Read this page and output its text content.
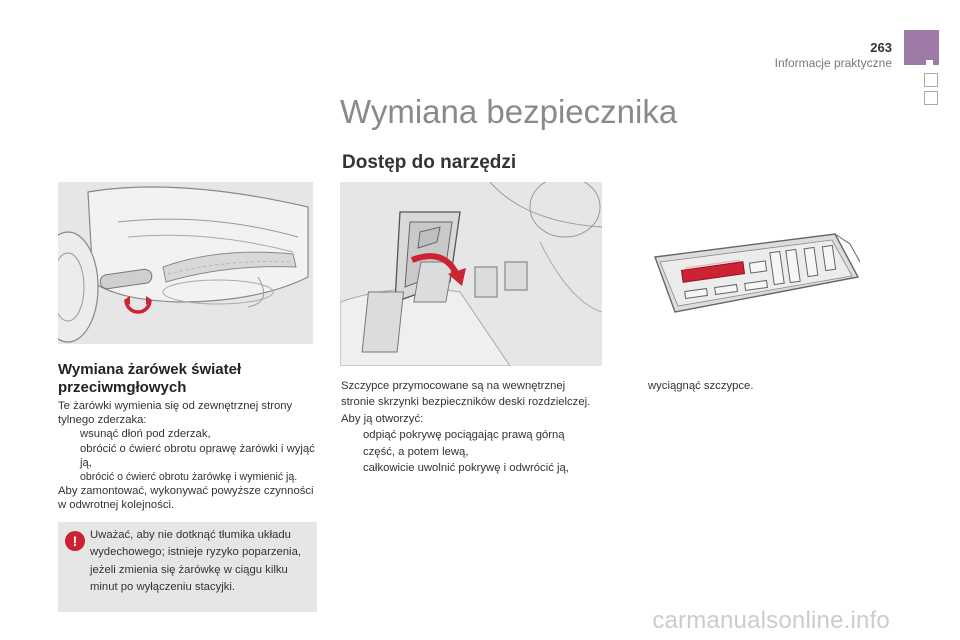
263
Informacje praktyczne
Wymiana bezpiecznika
Dostęp do narzędzi
Wymiana żarówek świateł przeciwmgłowych
Te żarówki wymienia się od zewnętrznej strony tylnego zderzaka:
wsunąć dłoń pod zderzak,
obrócić o ćwierć obrotu oprawę żarówki i wyjąć ją,
obrócić o ćwierć obrotu żarówkę i wymienić ją.
Aby zamontować, wykonywać powyższe czynności w odwrotnej kolejności.
!	Uważać, aby nie dotknąć tłumika układu wydechowego; istnieje ryzyko poparzenia, jeżeli zmienia się żarówkę w ciągu kilku minut po wyłączeniu stacyjki.
Szczypce przymocowane są na wewnętrznej stronie skrzynki bezpieczników deski rozdzielczej.
Aby ją otworzyć:
odpiąć pokrywę pociągając prawą górną część, a potem lewą,
całkowicie uwolnić pokrywę i odwrócić ją,
wyciągnąć szczypce.
carmanualsonline.info
